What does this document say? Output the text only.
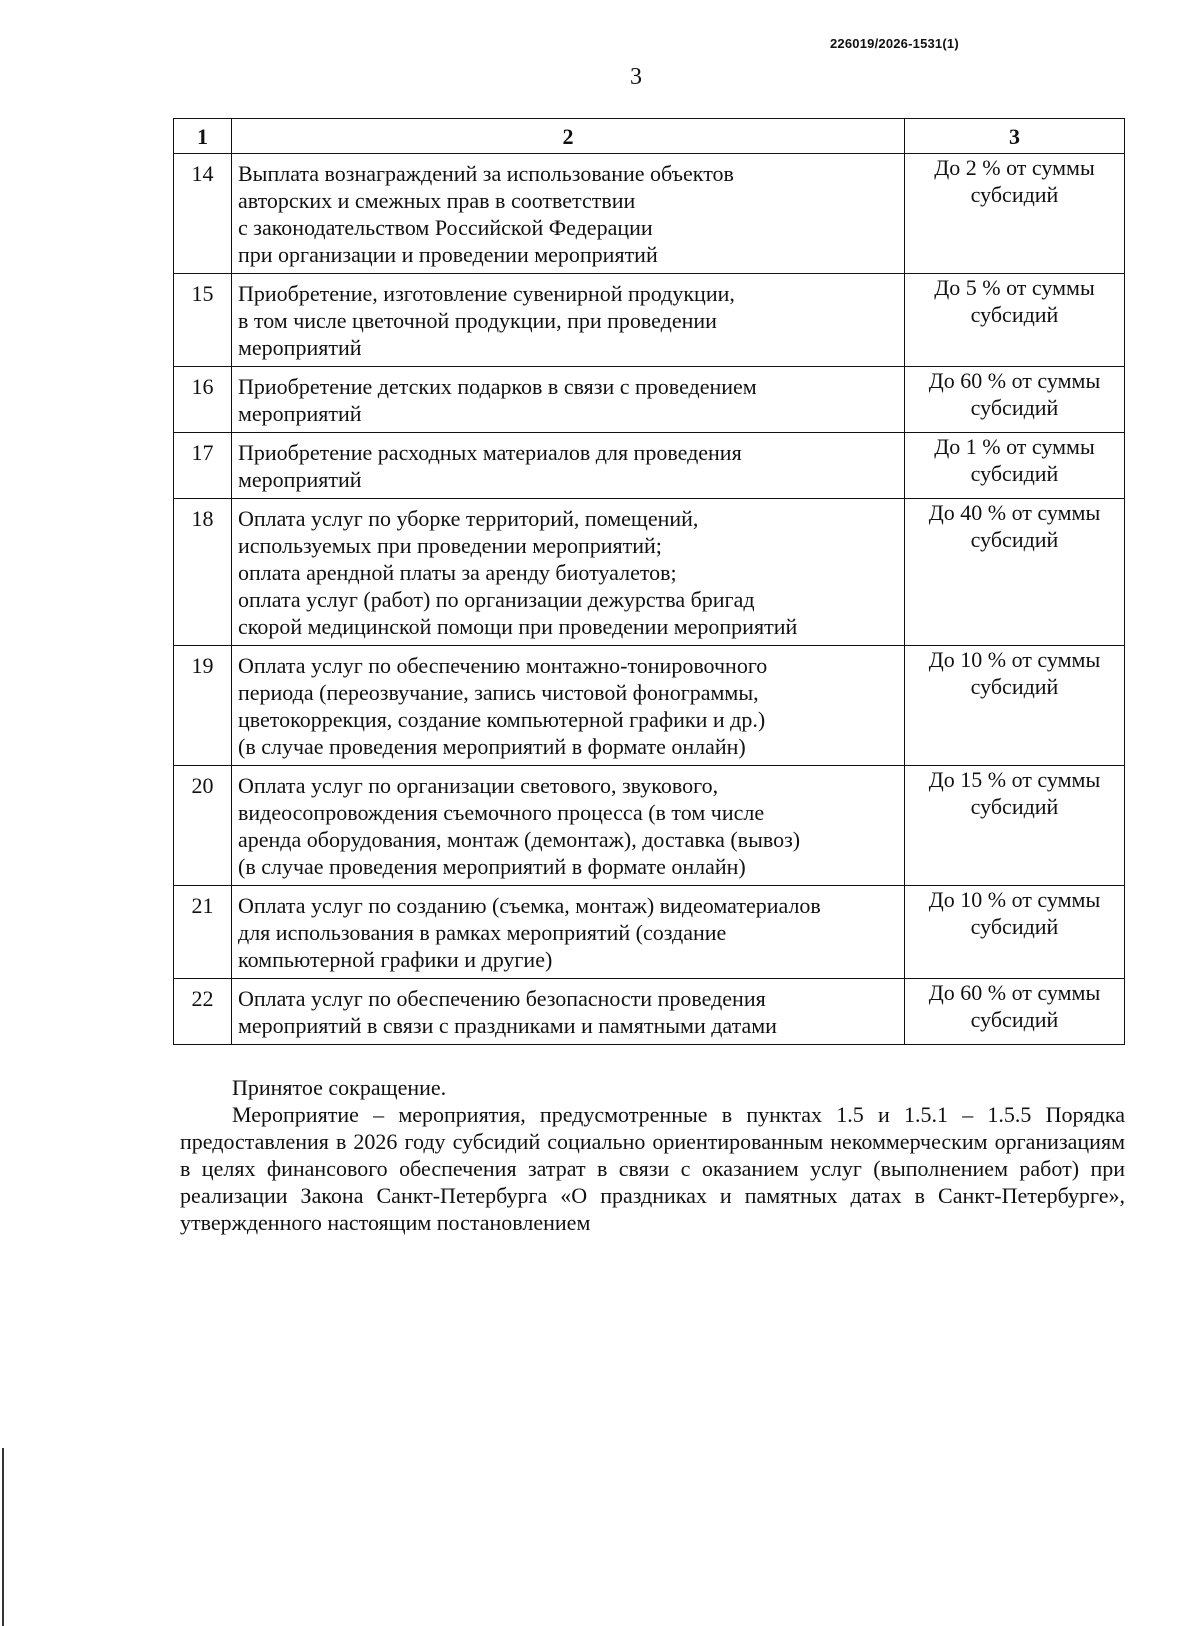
226019/2026-1531(1)
3
1	2	3
14	Выплата вознаграждений за использование объектов
авторских и смежных прав в соответствии
с законодательством Российской Федерации
при организации и проведении мероприятий	До 2 % от суммы
субсидий

15	Приобретение, изготовление сувенирной продукции,
в том числе цветочной продукции, при проведении
мероприятий	До 5 % от суммы
субсидий

16	Приобретение детских подарков в связи с проведением
мероприятий	До 60 % от суммы
субсидий

17	Приобретение расходных материалов для проведения
мероприятий	До 1 % от суммы
субсидий

18	Оплата услуг по уборке территорий, помещений,
используемых при проведении мероприятий;
оплата арендной платы за аренду биотуалетов;
оплата услуг (работ) по организации дежурства бригад
скорой медицинской помощи при проведении мероприятий	До 40 % от суммы
субсидий

19	Оплата услуг по обеспечению монтажно-тонировочного
периода (переозвучание, запись чистовой фонограммы,
цветокоррекция, создание компьютерной графики и др.)
(в случае проведения мероприятий в формате онлайн)	До 10 % от суммы
субсидий

20	Оплата услуг по организации светового, звукового,
видеосопровождения съемочного процесса (в том числе
аренда оборудования, монтаж (демонтаж), доставка (вывоз)
(в случае проведения мероприятий в формате онлайн)	До 15 % от суммы
субсидий

21	Оплата услуг по созданию (съемка, монтаж) видеоматериалов
для использования в рамках мероприятий (создание
компьютерной графики и другие)	До 10 % от суммы
субсидий

22	Оплата услуг по обеспечению безопасности проведения
мероприятий в связи с праздниками и памятными датами	До 60 % от суммы
субсидий
Принятое сокращение.
Мероприятие – мероприятия, предусмотренные в пунктах 1.5 и 1.5.1 – 1.5.5 Порядка предоставления в 2026 году субсидий социально ориентированным некоммерческим организациям в целях финансового обеспечения затрат в связи с оказанием услуг (выполнением работ) при реализации Закона Санкт-Петербурга «О праздниках и памятных датах в Санкт-Петербурге», утвержденного настоящим постановлением
